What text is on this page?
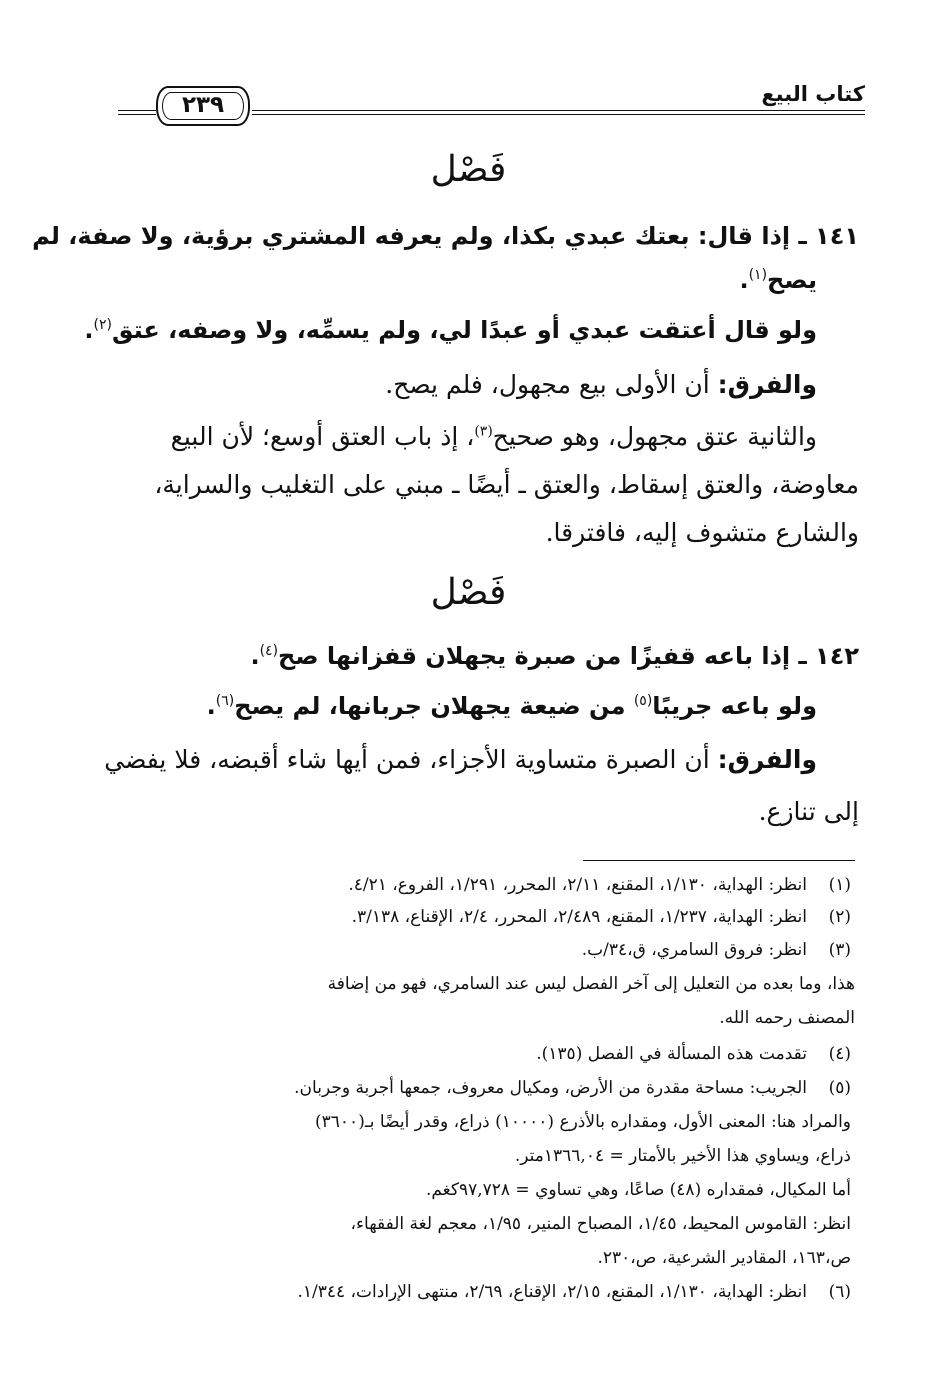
كتاب البيع
٢٣٩
فَصْل
١٤١ ـ إذا قال: بعتك عبدي بكذا، ولم يعرفه المشتري برؤية، ولا صفة، لم
يصح$^{(١)}$.
ولو قال أعتقت عبدي أو عبدًا لي، ولم يسمِّه، ولا وصفه، عتق$^{(٢)}$.
والفرق: أن الأولى بيع مجهول، فلم يصح.
والثانية عتق مجهول، وهو صحيح$^{(٣)}$، إذ باب العتق أوسع؛ لأن البيع
معاوضة، والعتق إسقاط، والعتق ـ أيضًا ـ مبني على التغليب والسراية،
والشارع متشوف إليه، فافترقا.
فَصْل
١٤٢ ـ إذا باعه قفيزًا من صبرة يجهلان قفزانها صح$^{(٤)}$.
ولو باعه جريبًا$^{(٥)}$ من ضيعة يجهلان جربانها، لم يصح$^{(٦)}$.
والفرق: أن الصبرة متساوية الأجزاء، فمن أيها شاء أقبضه، فلا يفضي
إلى تنازع.
(١)انظر: الهداية، ١/١٣٠، المقنع، ٢/١١، المحرر، ١/٢٩١، الفروع، ٤/٢١.
(٢)انظر: الهداية، ١/٢٣٧، المقنع، ٢/٤٨٩، المحرر، ٢/٤، الإقناع، ٣/١٣٨.
(٣)انظر: فروق السامري، ق،٣٤/ب.
هذا، وما بعده من التعليل إلى آخر الفصل ليس عند السامري، فهو من إضافة
المصنف رحمه الله.
(٤)تقدمت هذه المسألة في الفصل (١٣٥).
(٥)الجريب: مساحة مقدرة من الأرض، ومكيال معروف، جمعها أجربة وجربان.
والمراد هنا: المعنى الأول، ومقداره بالأذرع (١٠٠٠٠) ذراع، وقدر أيضًا بـ(٣٦٠٠)
ذراع، ويساوي هذا الأخير بالأمتار = ١٣٦٦,٠٤متر.
أما المكيال، فمقداره (٤٨) صاعًا، وهي تساوي = ٩٧,٧٢٨كغم.
انظر: القاموس المحيط، ١/٤٥، المصباح المنير، ١/٩٥، معجم لغة الفقهاء،
ص،١٦٣، المقادير الشرعية، ص،٢٣٠.
(٦)انظر: الهداية، ١/١٣٠، المقنع، ٢/١٥، الإقناع، ٢/٦٩، منتهى الإرادات، ١/٣٤٤.
